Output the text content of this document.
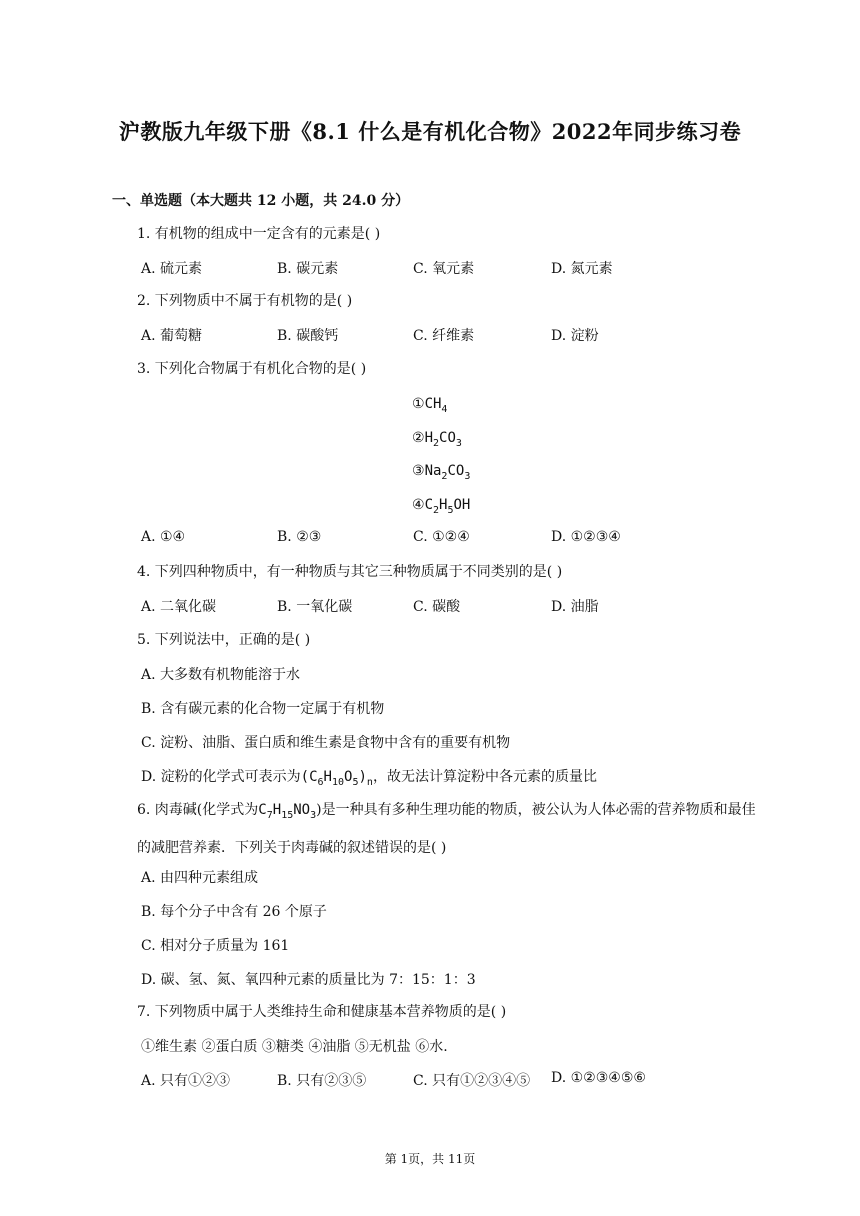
沪教版九年级下册《8.1 什么是有机化合物》2022年同步练习卷
一、单选题（本大题共 12 小题，共 24.0 分）
1. 有机物的组成中一定含有的元素是( )
A. 硫元素	B. 碳元素	C. 氧元素	D. 氮元素
2. 下列物质中不属于有机物的是( )
A. 葡萄糖	B. 碳酸钙	C. 纤维素	D. 淀粉
3. 下列化合物属于有机化合物的是( )
$①CH_4$
$②H_2CO_3$
$③Na_2CO_3$
$④C_2H_5OH$
A. ①④	B. ②③	C. ①②④	D. ①②③④
4. 下列四种物质中，有一种物质与其它三种物质属于不同类别的是( )
A. 二氧化碳	B. 一氧化碳	C. 碳酸	D. 油脂
5. 下列说法中，正确的是( )
A. 大多数有机物能溶于水
B. 含有碳元素的化合物一定属于有机物
C. 淀粉、油脂、蛋白质和维生素是食物中含有的重要有机物
D. 淀粉的化学式可表示为$(C_6H_{10}O_5)_n$，故无法计算淀粉中各元素的质量比
6. 肉毒碱(化学式为$C_7H_{15}NO_3$)是一种具有多种生理功能的物质，被公认为人体必需的营养物质和最佳的减肥营养素．下列关于肉毒碱的叙述错误的是( )
A. 由四种元素组成
B. 每个分子中含有 26 个原子
C. 相对分子质量为 161
D. 碳、氢、氮、氧四种元素的质量比为 7：15：1：3
7. 下列物质中属于人类维持生命和健康基本营养物质的是( )
①维生素 ②蛋白质 ③糖类 ④油脂 ⑤无机盐 ⑥水.
A. 只有①②③	B. 只有②③⑤	C. 只有①②③④⑤ D. ①②③④⑤⑥
第 1页，共 11页
